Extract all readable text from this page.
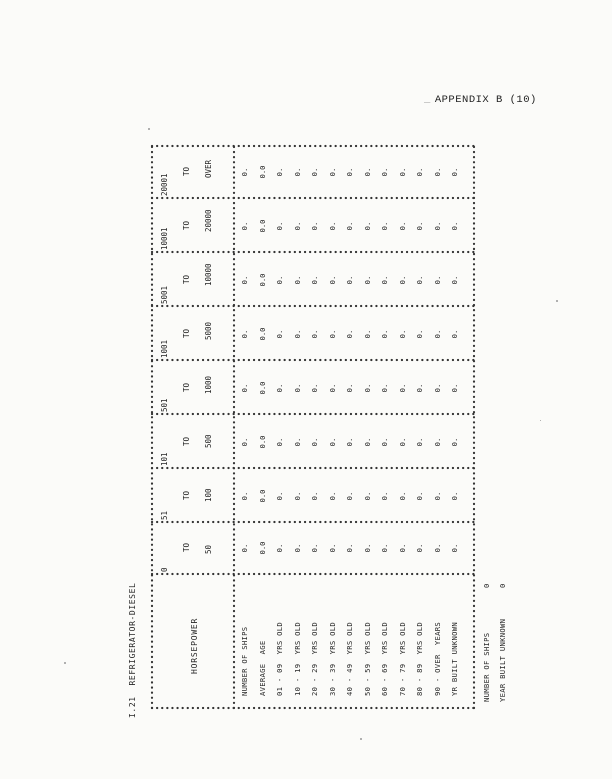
_ APPENDIX B (10)
I.21  REFRIGERATOR-DIESEL	HORSEPOWER
0
TO 50
51
TO 100
101
TO 500
501
TO 1000
1001
TO 5000
5001
TO 10000
10001
TO 20000
20001
TO OVER
NUMBER OF SHIPS
0.
0.
0.
0.
0.
0.
0.
0.
AVERAGE  AGE
0.0
0.0
0.0
0.0
0.0
0.0
0.0
0.0
01 - 09  YRS OLD
0.
0.
0.
0.
0.
0.
0.
0.
10 - 19  YRS OLD
0.
0.
0.
0.
0.
0.
0.
0.
20 - 29  YRS OLD
0.
0.
0.
0.
0.
0.
0.
0.
30 - 39  YRS OLD
0.
0.
0.
0.
0.
0.
0.
0.
40 - 49  YRS OLD
0.
0.
0.
0.
0.
0.
0.
0.
50 - 59  YRS OLD
0.
0.
0.
0.
0.
0.
0.
0.
60 - 69  YRS OLD
0.
0.
0.
0.
0.
0.
0.
0.
70 - 79  YRS OLD
0.
0.
0.
0.
0.
0.
0.
0.
80 - 89  YRS OLD
0.
0.
0.
0.
0.
0.
0.
0.
90 - OVER  YEARS
0.
0.
0.
0.
0.
0.
0.
0.
YR BUILT UNKNOWN
0.
0.
0.
0.
0.
0.
0.
0.
NUMBER OF SHIPS
0
YEAR BUILT UNKNOWN
0
